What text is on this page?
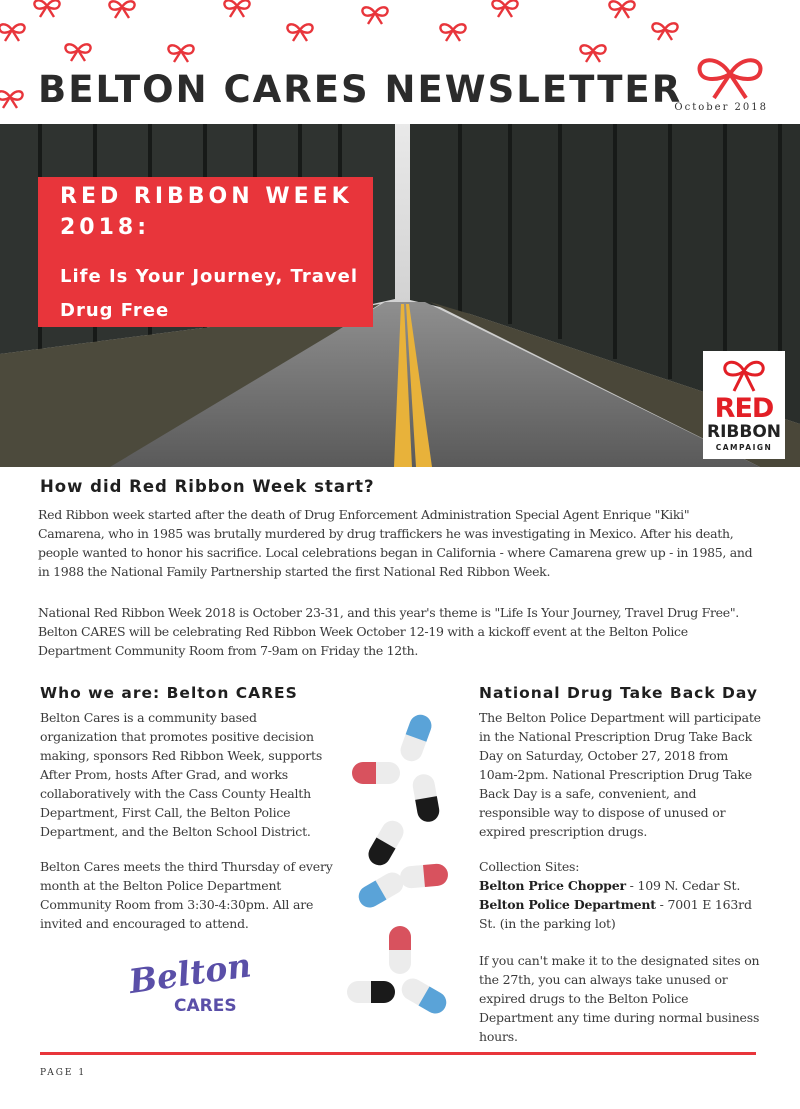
BELTON CARES NEWSLETTER
October 2018
RED RIBBON WEEK 2018:
Life Is Your Journey, Travel Drug Free
RED
RIBBON
CAMPAIGN
How did Red Ribbon Week start?

Red Ribbon week started after the death of Drug Enforcement Administration Special Agent Enrique "Kiki" Camarena, who in 1985 was brutally murdered by drug traffickers he was investigating in Mexico. After his death, people wanted to honor his sacrifice. Local celebrations began in California - where Camarena grew up - in 1985, and in 1988 the National Family Partnership started the first National Red Ribbon Week.

National Red Ribbon Week 2018 is October 23-31, and this year's theme is "Life Is Your Journey, Travel Drug Free". Belton CARES will be celebrating Red Ribbon Week October 12-19 with a kickoff event at the Belton Police Department Community Room from 7-9am on Friday the 12th.

Who we are: Belton CARES

Belton Cares is a community based organization that promotes positive decision making, sponsors Red Ribbon Week, supports After Prom, hosts After Grad, and works collaboratively with the Cass County Health Department, First Call, the Belton Police Department, and the Belton School District.

Belton Cares meets the third Thursday of every month at the Belton Police Department Community Room from 3:30-4:30pm. All are invited and encouraged to attend.

Belton
CARES
National Drug Take Back Day

The Belton Police Department will participate in the National Prescription Drug Take Back Day on Saturday, October 27, 2018 from 10am-2pm. National Prescription Drug Take Back Day is a safe, convenient, and responsible way to dispose of unused or expired prescription drugs.

Collection Sites:
Belton Price Chopper - 109 N. Cedar St.
Belton Police Department - 7001 E 163rd St. (in the parking lot)

If you can't make it to the designated sites on the 27th, you can always take unused or expired drugs to the Belton Police Department any time during normal business hours.

PAGE 1
